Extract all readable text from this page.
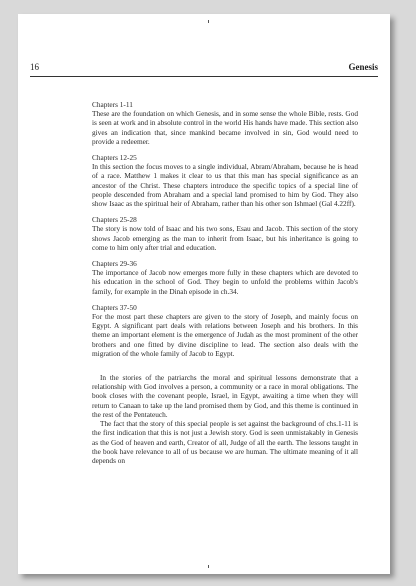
16	Genesis
Chapters 1-11
These are the foundation on which Genesis, and in some sense the whole Bible, rests. God is seen at work and in absolute control in the world His hands have made. This section also gives an indication that, since mankind became involved in sin, God would need to provide a redeemer.
Chapters 12-25
In this section the focus moves to a single individual, Abram/Abraham, because he is head of a race. Matthew 1 makes it clear to us that this man has special significance as an ancestor of the Christ. These chapters introduce the specific topics of a special line of people descended from Abraham and a special land promised to him by God. They also show Isaac as the spiritual heir of Abraham, rather than his other son Ishmael (Gal 4.22ff).
Chapters 25-28
The story is now told of Isaac and his two sons, Esau and Jacob. This section of the story shows Jacob emerging as the man to inherit from Isaac, but his inheritance is going to come to him only after trial and education.
Chapters 29-36
The importance of Jacob now emerges more fully in these chapters which are devoted to his education in the school of God. They begin to unfold the problems within Jacob's family, for example in the Dinah episode in ch.34.
Chapters 37-50
For the most part these chapters are given to the story of Joseph, and mainly focus on Egypt. A significant part deals with relations between Joseph and his brothers. In this theme an important element is the emergence of Judah as the most prominent of the other brothers and one fitted by divine discipline to lead. The section also deals with the migration of the whole family of Jacob to Egypt.
In the stories of the patriarchs the moral and spiritual lessons demonstrate that a relationship with God involves a person, a community or a race in moral obligations. The book closes with the covenant people, Israel, in Egypt, awaiting a time when they will return to Canaan to take up the land promised them by God, and this theme is continued in the rest of the Pentateuch.
The fact that the story of this special people is set against the background of chs.1-11 is the first indication that this is not just a Jewish story. God is seen unmistakably in Genesis as the God of heaven and earth, Creator of all, Judge of all the earth. The lessons taught in the book have relevance to all of us because we are human. The ultimate meaning of it all depends on
